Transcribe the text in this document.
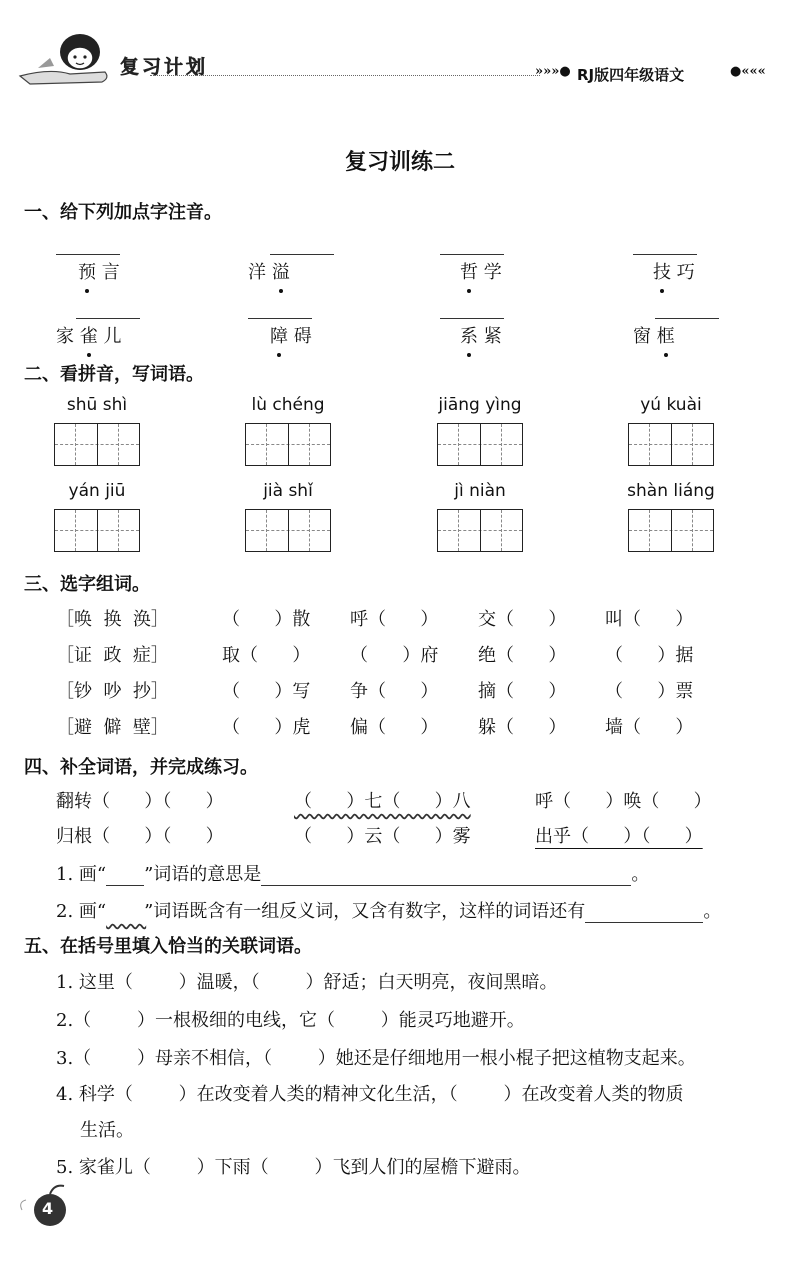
复习计划	»»»● RJ版四年级语文	●«««
复习训练二
一、给下列加点字注音。
预 言	洋 溢	哲 学	技 巧
家 雀 儿	障 碍	系 紧	窗 框
二、看拼音，写词语。
shū shì	lù chéng	jiāng yìng	yú kuài
yán jiū	jià shǐ	jì niàn	shàn liáng
三、选字组词。
［唤  换  涣］	（      ）散 呼（      ） 交（      ） 叫（      ）
［证  政  症］	取（      ） （      ）府 绝（      ） （      ）据
［钞  吵  抄］	（      ）写 争（      ） 摘（      ） （      ）票
［避  僻  壁］	（      ）虎 偏（      ） 躲（      ） 墙（      ）
四、补全词语，并完成练习。
翻转（      ）（      ）	（      ）七（      ）八	呼（      ）唤（      ）
归根（      ）（      ）	（      ）云（      ）雾	出乎（      ）（      ）
1. 画“ ”词语的意思是	。
2. 画“ ”词语既含有一组反义词，又含有数字，这样的词语还有	。
五、在括号里填入恰当的关联词语。
1. 这里（        ）温暖，（        ）舒适；白天明亮，夜间黑暗。
2.（        ）一根极细的电线，它（        ）能灵巧地避开。
3.（        ）母亲不相信，（        ）她还是仔细地用一根小棍子把这植物支起来。
4. 科学（        ）在改变着人类的精神文化生活，（        ）在改变着人类的物质
生活。
5. 家雀儿（        ）下雨（        ）飞到人们的屋檐下避雨。
4
